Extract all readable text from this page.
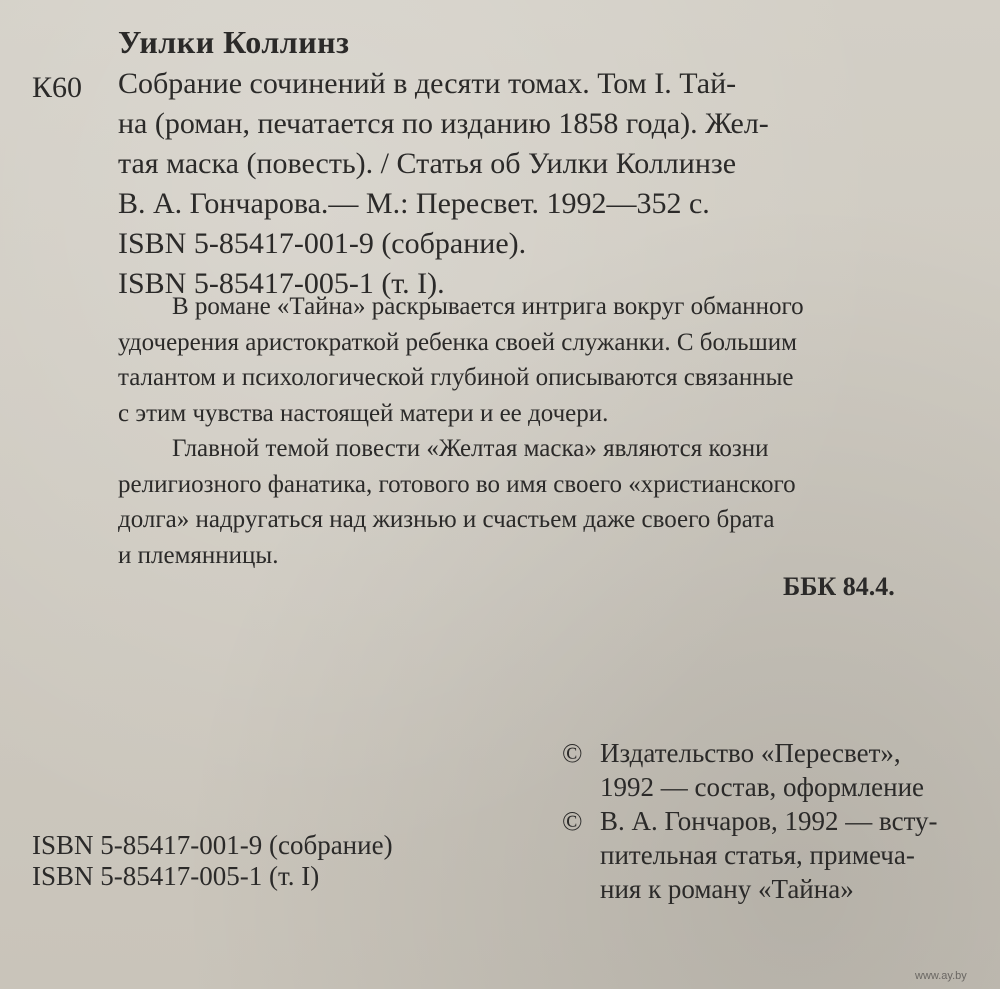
Уилки Коллинз
К60 Собрание сочинений в десяти томах. Том I. Тай-
на (роман, печатается по изданию 1858 года). Жел-
тая маска (повесть). / Статья об Уилки Коллинзе
В. А. Гончарова.— М.: Пересвет. 1992—352 с.
ISBN 5-85417-001-9 (собрание).
ISBN 5-85417-005-1 (т. I).
В романе «Тайна» раскрывается интрига вокруг обманного
удочерения аристократкой ребенка своей служанки. С большим
талантом и психологической глубиной описываются связанные
с этим чувства настоящей матери и ее дочери.
Главной темой повести «Желтая маска» являются козни
религиозного фанатика, готового во имя своего «христианского
долга» надругаться над жизнью и счастьем даже своего брата
и племянницы.
ББК 84.4.
© Издательство «Пересвет»,
1992 — состав, оформление
© В. А. Гончаров, 1992 — всту-
пительная статья, примеча-
ния к роману «Тайна»
ISBN 5-85417-001-9 (собрание)
ISBN 5-85417-005-1 (т. I)
www.ay.by
